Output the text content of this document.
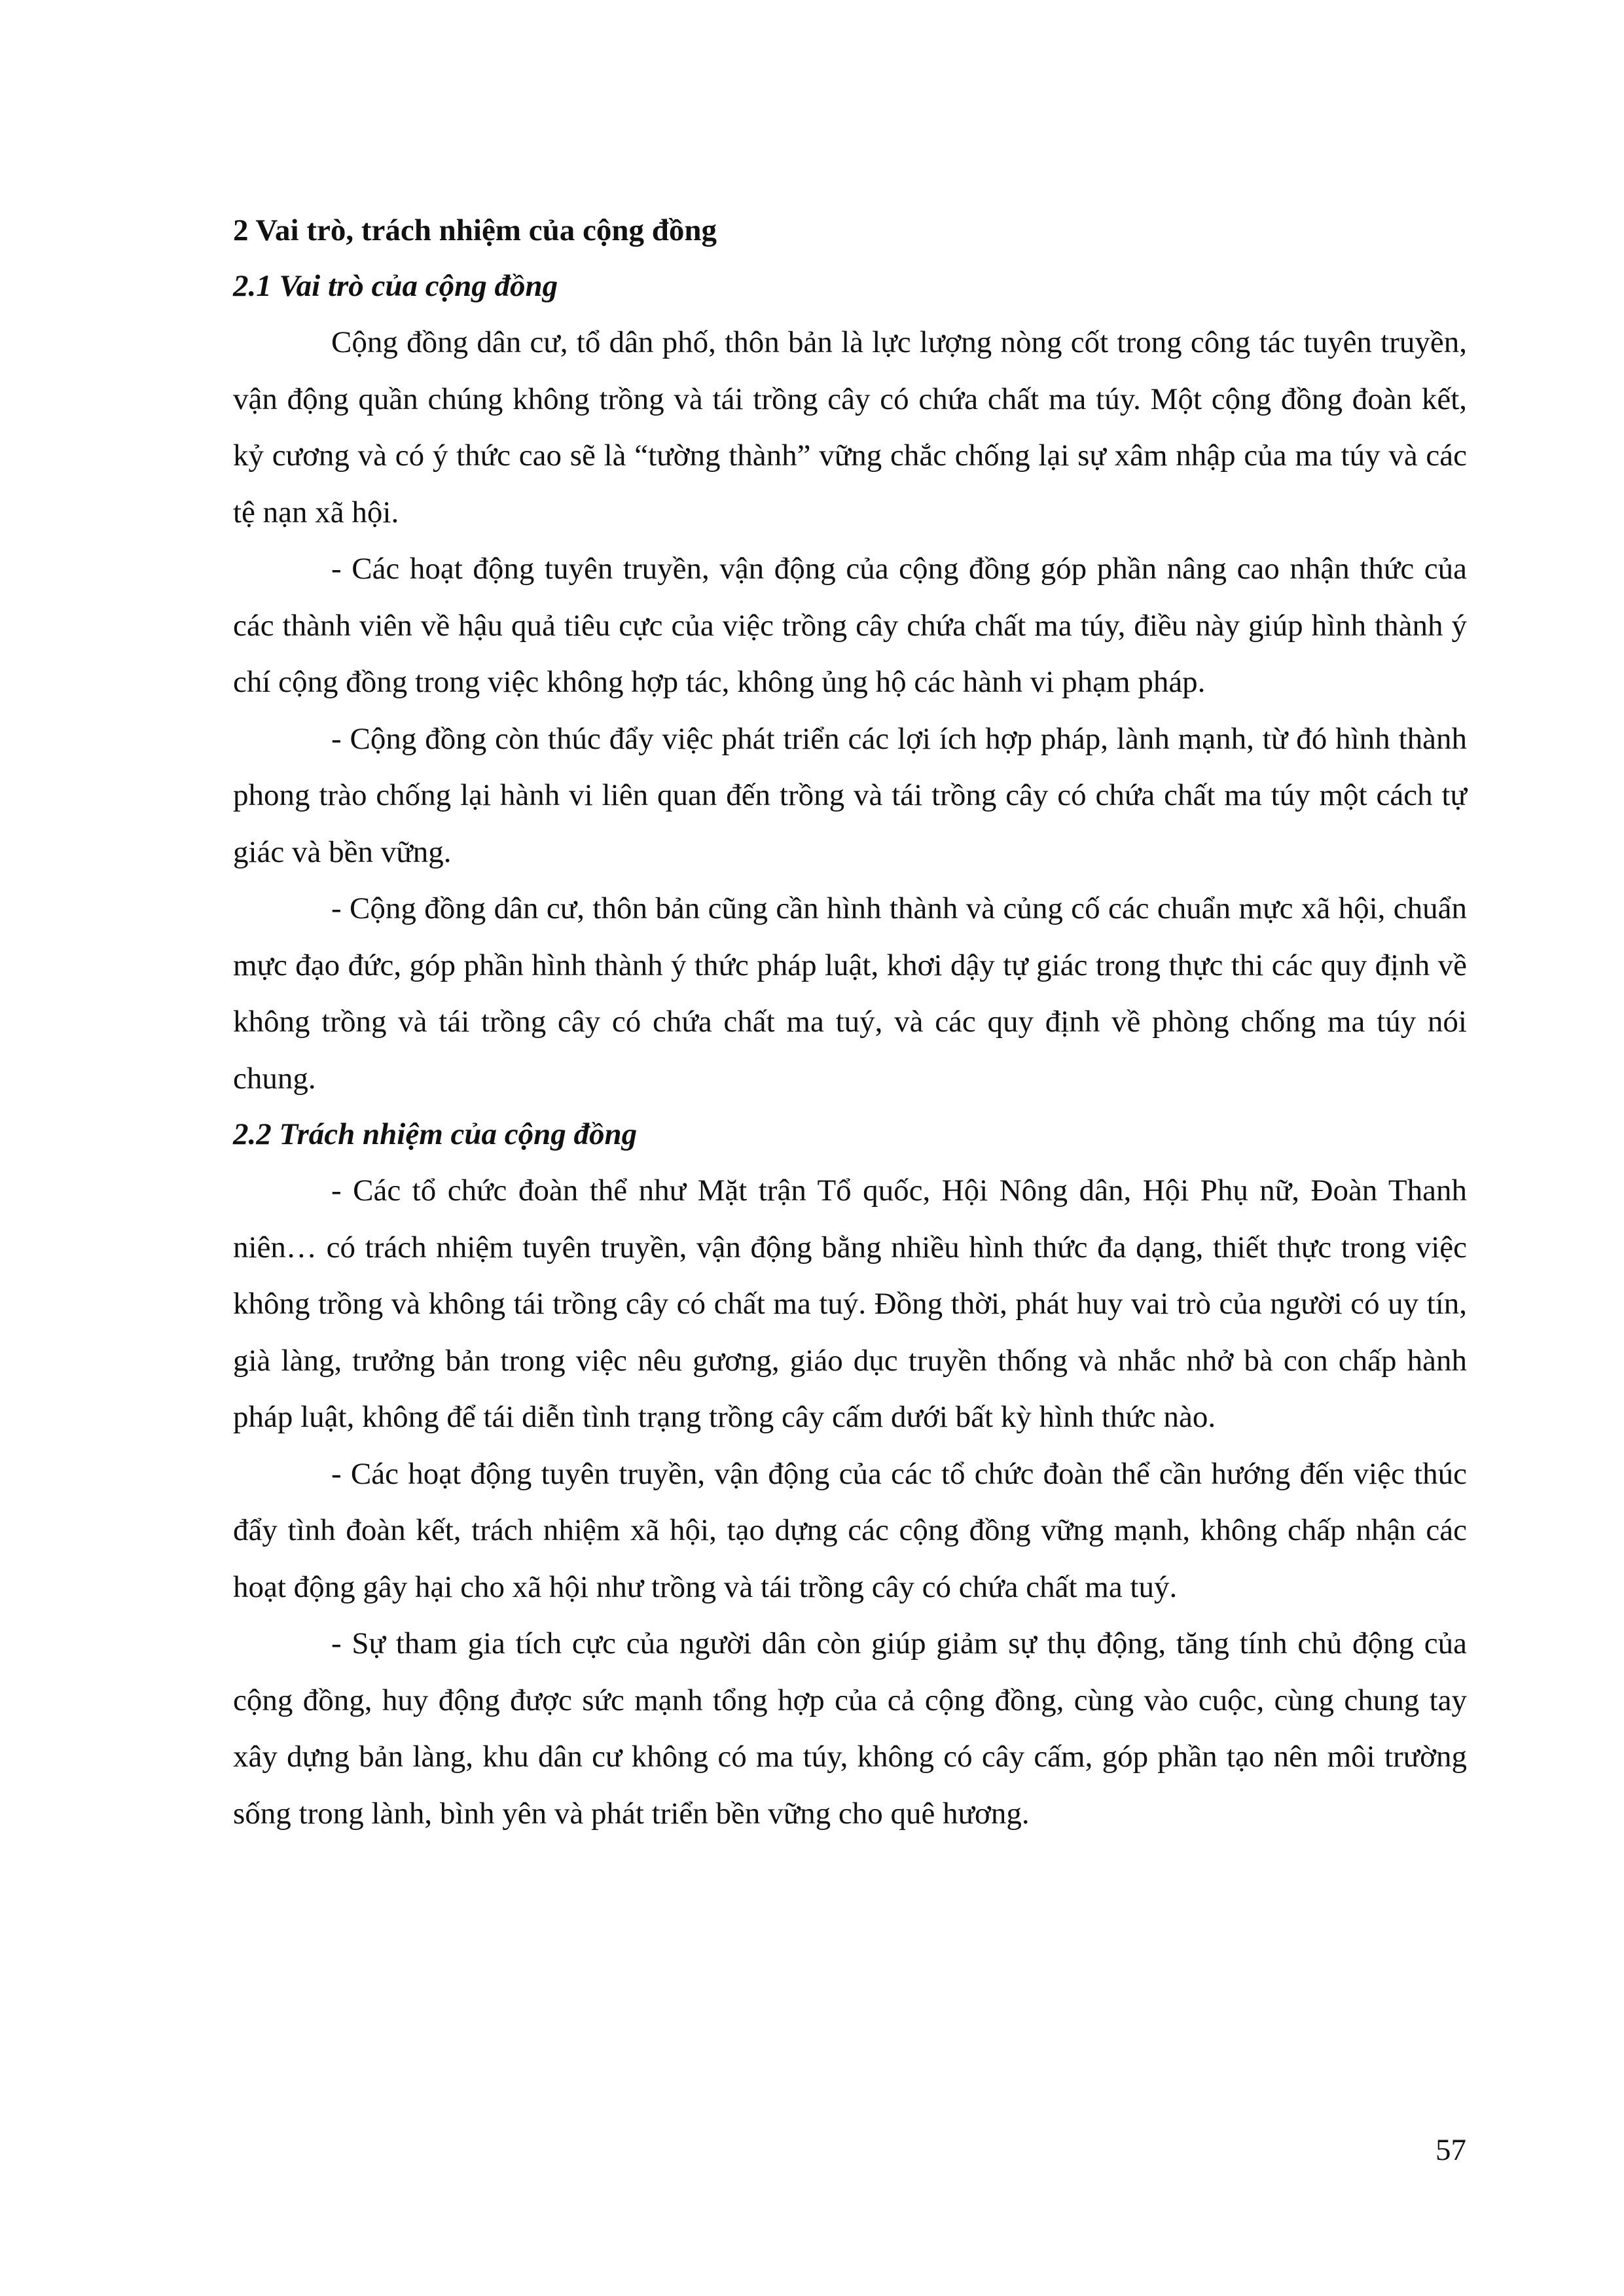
2 Vai trò, trách nhiệm của cộng đồng
2.1 Vai trò của cộng đồng

Cộng đồng dân cư, tổ dân phố, thôn bản là lực lượng nòng cốt trong công tác tuyên truyền, vận động quần chúng không trồng và tái trồng cây có chứa chất ma túy. Một cộng đồng đoàn kết, kỷ cương và có ý thức cao sẽ là “tường thành” vững chắc chống lại sự xâm nhập của ma túy và các tệ nạn xã hội.

- Các hoạt động tuyên truyền, vận động của cộng đồng góp phần nâng cao nhận thức của các thành viên về hậu quả tiêu cực của việc trồng cây chứa chất ma túy, điều này giúp hình thành ý chí cộng đồng trong việc không hợp tác, không ủng hộ các hành vi phạm pháp.

- Cộng đồng còn thúc đẩy việc phát triển các lợi ích hợp pháp, lành mạnh, từ đó hình thành phong trào chống lại hành vi liên quan đến trồng và tái trồng cây có chứa chất ma túy một cách tự giác và bền vững.

- Cộng đồng dân cư, thôn bản cũng cần hình thành và củng cố các chuẩn mực xã hội, chuẩn mực đạo đức, góp phần hình thành ý thức pháp luật, khơi dậy tự giác trong thực thi các quy định về không trồng và tái trồng cây có chứa chất ma tuý, và các quy định về phòng chống ma túy nói chung.

2.2 Trách nhiệm của cộng đồng

- Các tổ chức đoàn thể như Mặt trận Tổ quốc, Hội Nông dân, Hội Phụ nữ, Đoàn Thanh niên… có trách nhiệm tuyên truyền, vận động bằng nhiều hình thức đa dạng, thiết thực trong việc không trồng và không tái trồng cây có chất ma tuý. Đồng thời, phát huy vai trò của người có uy tín, già làng, trưởng bản trong việc nêu gương, giáo dục truyền thống và nhắc nhở bà con chấp hành pháp luật, không để tái diễn tình trạng trồng cây cấm dưới bất kỳ hình thức nào.

- Các hoạt động tuyên truyền, vận động của các tổ chức đoàn thể cần hướng đến việc thúc đẩy tình đoàn kết, trách nhiệm xã hội, tạo dựng các cộng đồng vững mạnh, không chấp nhận các hoạt động gây hại cho xã hội như trồng và tái trồng cây có chứa chất ma tuý.

- Sự tham gia tích cực của người dân còn giúp giảm sự thụ động, tăng tính chủ động của cộng đồng, huy động được sức mạnh tổng hợp của cả cộng đồng, cùng vào cuộc, cùng chung tay xây dựng bản làng, khu dân cư không có ma túy, không có cây cấm, góp phần tạo nên môi trường sống trong lành, bình yên và phát triển bền vững cho quê hương.

57
